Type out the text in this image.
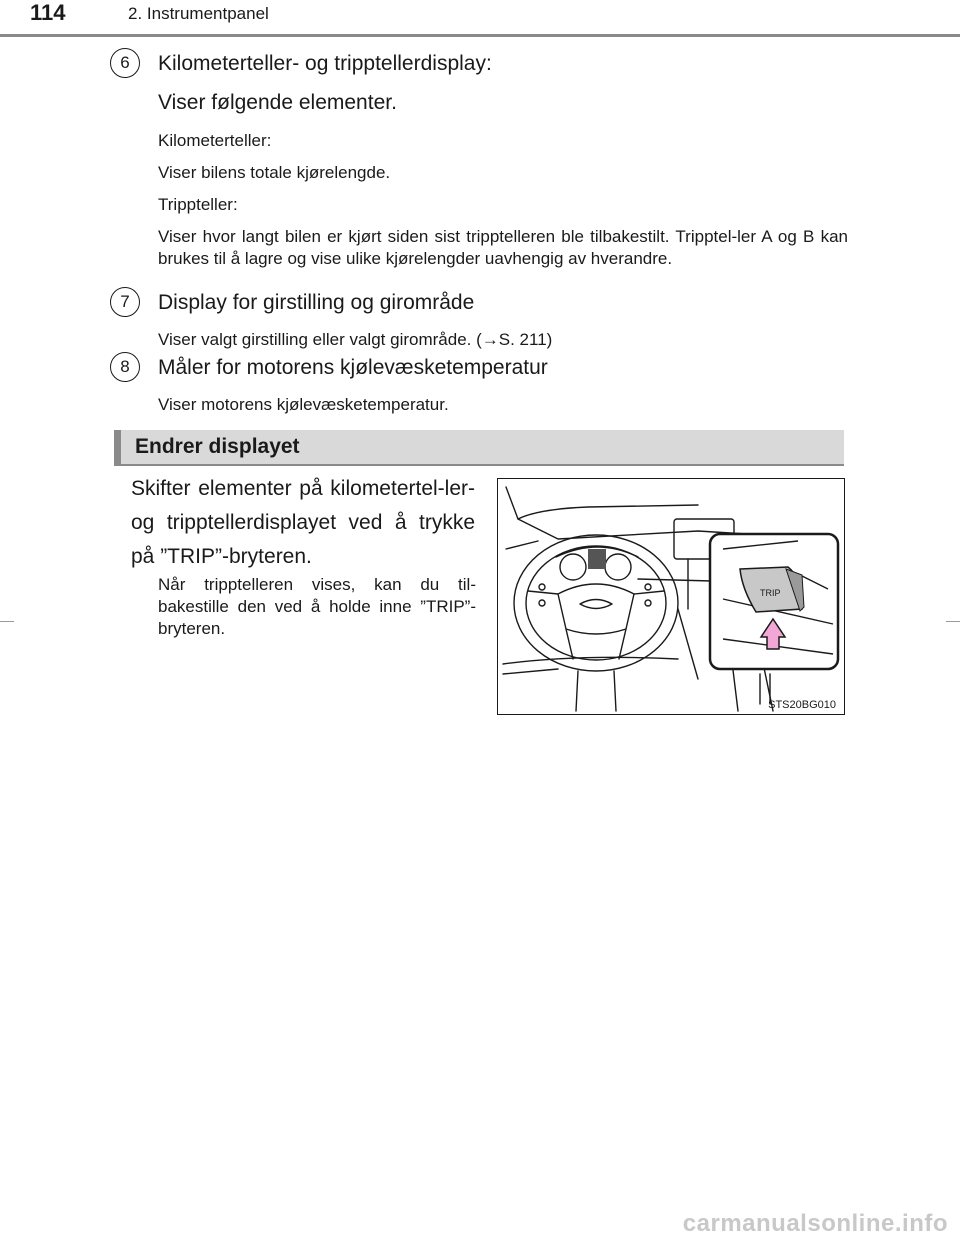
114	2. Instrumentpanel
6	Kilometerteller- og tripptellerdisplay:
Viser følgende elementer.
Kilometerteller:
Viser bilens totale kjørelengde.
Trippteller:
Viser hvor langt bilen er kjørt siden sist tripptelleren ble tilbakestilt. Tripptel-ler A og B kan brukes til å lagre og vise ulike kjørelengder uavhengig av hverandre.
7	Display for girstilling og girområde
Viser valgt girstilling eller valgt girområde. (→S. 211)
8	Måler for motorens kjølevæsketemperatur
Viser motorens kjølevæsketemperatur.
Endrer displayet
Skifter elementer på kilometertel-ler- og tripptellerdisplayet ved å trykke på ”TRIP”-bryteren.
Når tripptelleren vises, kan du til-bakestille den ved å holde inne ”TRIP”-bryteren.
TRIP
STS20BG010
carmanualsonline.info
